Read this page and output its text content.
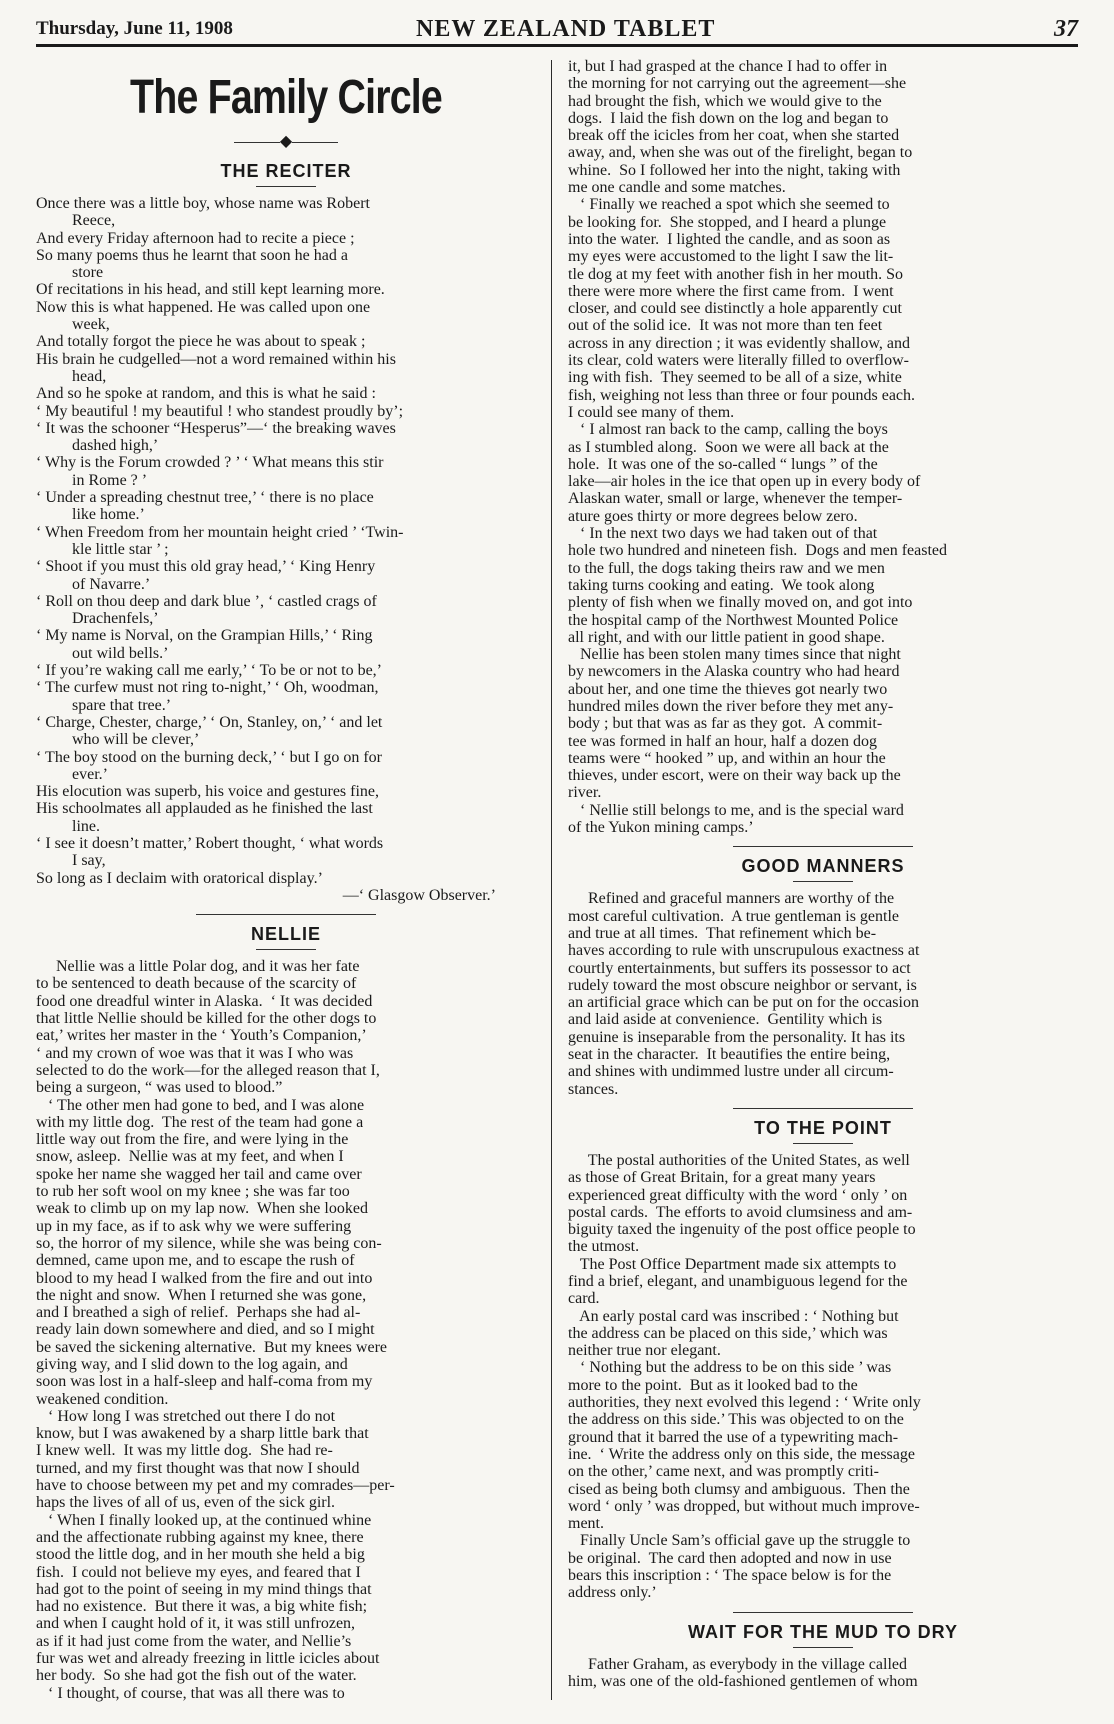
Thursday, June 11, 1908	NEW ZEALAND TABLET	37
The Family Circle
◆
THE RECITER

Once there was a little boy, whose name was Robert

Reece,

And every Friday afternoon had to recite a piece ;

So many poems thus he learnt that soon he had a

store

Of recitations in his head, and still kept learning more.

Now this is what happened. He was called upon one

week,

And totally forgot the piece he was about to speak ;

His brain he cudgelled—not a word remained within his

head,

And so he spoke at random, and this is what he said :

‘ My beautiful ! my beautiful ! who standest proudly by’;

‘ It was the schooner “Hesperus”—‘ the breaking waves

dashed high,’

‘ Why is the Forum crowded ? ’ ‘ What means this stir

in Rome ? ’

‘ Under a spreading chestnut tree,’ ‘ there is no place

like home.’

‘ When Freedom from her mountain height cried ’ ‘Twin-

kle little star ’ ;

‘ Shoot if you must this old gray head,’ ‘ King Henry

of Navarre.’

‘ Roll on thou deep and dark blue ’, ‘ castled crags of

Drachenfels,’

‘ My name is Norval, on the Grampian Hills,’ ‘ Ring

out wild bells.’

‘ If you’re waking call me early,’ ‘ To be or not to be,’

‘ The curfew must not ring to-night,’ ‘ Oh, woodman,

spare that tree.’

‘ Charge, Chester, charge,’ ‘ On, Stanley, on,’ ‘ and let

who will be clever,’

‘ The boy stood on the burning deck,’ ‘ but I go on for

ever.’

His elocution was superb, his voice and gestures fine,

His schoolmates all applauded as he finished the last

line.

‘ I see it doesn’t matter,’ Robert thought, ‘ what words

I say,

So long as I declaim with oratorical display.’

—‘ Glasgow Observer.’

NELLIE

Nellie was a little Polar dog, and it was her fate

to be sentenced to death because of the scarcity of

food one dreadful winter in Alaska.  ‘ It was decided

that little Nellie should be killed for the other dogs to

eat,’ writes her master in the ‘ Youth’s Companion,’

‘ and my crown of woe was that it was I who was

selected to do the work—for the alleged reason that I,

being a surgeon, “ was used to blood.”

‘ The other men had gone to bed, and I was alone

with my little dog.  The rest of the team had gone a

little way out from the fire, and were lying in the

snow, asleep.  Nellie was at my feet, and when I

spoke her name she wagged her tail and came over

to rub her soft wool on my knee ; she was far too

weak to climb up on my lap now.  When she looked

up in my face, as if to ask why we were suffering

so, the horror of my silence, while she was being con-

demned, came upon me, and to escape the rush of

blood to my head I walked from the fire and out into

the night and snow.  When I returned she was gone,

and I breathed a sigh of relief.  Perhaps she had al-

ready lain down somewhere and died, and so I might

be saved the sickening alternative.  But my knees were

giving way, and I slid down to the log again, and

soon was lost in a half-sleep and half-coma from my

weakened condition.

‘ How long I was stretched out there I do not

know, but I was awakened by a sharp little bark that

I knew well.  It was my little dog.  She had re-

turned, and my first thought was that now I should

have to choose between my pet and my comrades—per-

haps the lives of all of us, even of the sick girl.

‘ When I finally looked up, at the continued whine

and the affectionate rubbing against my knee, there

stood the little dog, and in her mouth she held a big

fish.  I could not believe my eyes, and feared that I

had got to the point of seeing in my mind things that

had no existence.  But there it was, a big white fish;

and when I caught hold of it, it was still unfrozen,

as if it had just come from the water, and Nellie’s

fur was wet and already freezing in little icicles about

her body.  So she had got the fish out of the water.

‘ I thought, of course, that was all there was to

it, but I had grasped at the chance I had to offer in

the morning for not carrying out the agreement—she

had brought the fish, which we would give to the

dogs.  I laid the fish down on the log and began to

break off the icicles from her coat, when she started

away, and, when she was out of the firelight, began to

whine.  So I followed her into the night, taking with

me one candle and some matches.

‘ Finally we reached a spot which she seemed to

be looking for.  She stopped, and I heard a plunge

into the water.  I lighted the candle, and as soon as

my eyes were accustomed to the light I saw the lit-

tle dog at my feet with another fish in her mouth. So

there were more where the first came from.  I went

closer, and could see distinctly a hole apparently cut

out of the solid ice.  It was not more than ten feet

across in any direction ; it was evidently shallow, and

its clear, cold waters were literally filled to overflow-

ing with fish.  They seemed to be all of a size, white

fish, weighing not less than three or four pounds each.

I could see many of them.

‘ I almost ran back to the camp, calling the boys

as I stumbled along.  Soon we were all back at the

hole.  It was one of the so-called “ lungs ” of the

lake—air holes in the ice that open up in every body of

Alaskan water, small or large, whenever the temper-

ature goes thirty or more degrees below zero.

‘ In the next two days we had taken out of that

hole two hundred and nineteen fish.  Dogs and men feasted

to the full, the dogs taking theirs raw and we men

taking turns cooking and eating.  We took along

plenty of fish when we finally moved on, and got into

the hospital camp of the Northwest Mounted Police

all right, and with our little patient in good shape.

Nellie has been stolen many times since that night

by newcomers in the Alaska country who had heard

about her, and one time the thieves got nearly two

hundred miles down the river before they met any-

body ; but that was as far as they got.  A commit-

tee was formed in half an hour, half a dozen dog

teams were “ hooked ” up, and within an hour the

thieves, under escort, were on their way back up the

river.

‘ Nellie still belongs to me, and is the special ward

of the Yukon mining camps.’

GOOD MANNERS

Refined and graceful manners are worthy of the

most careful cultivation.  A true gentleman is gentle

and true at all times.  That refinement which be-

haves according to rule with unscrupulous exactness at

courtly entertainments, but suffers its possessor to act

rudely toward the most obscure neighbor or servant, is

an artificial grace which can be put on for the occasion

and laid aside at convenience.  Gentility which is

genuine is inseparable from the personality. It has its

seat in the character.  It beautifies the entire being,

and shines with undimmed lustre under all circum-

stances.

TO THE POINT

The postal authorities of the United States, as well

as those of Great Britain, for a great many years

experienced great difficulty with the word ‘ only ’ on

postal cards.  The efforts to avoid clumsiness and am-

biguity taxed the ingenuity of the post office people to

the utmost.

The Post Office Department made six attempts to

find a brief, elegant, and unambiguous legend for the

card.

An early postal card was inscribed : ‘ Nothing but

the address can be placed on this side,’ which was

neither true nor elegant.

‘ Nothing but the address to be on this side ’ was

more to the point.  But as it looked bad to the

authorities, they next evolved this legend : ‘ Write only

the address on this side.’ This was objected to on the

ground that it barred the use of a typewriting mach-

ine.  ‘ Write the address only on this side, the message

on the other,’ came next, and was promptly criti-

cised as being both clumsy and ambiguous.  Then the

word ‘ only ’ was dropped, but without much improve-

ment.

Finally Uncle Sam’s official gave up the struggle to

be original.  The card then adopted and now in use

bears this inscription : ‘ The space below is for the

address only.’

WAIT FOR THE MUD TO DRY

Father Graham, as everybody in the village called

him, was one of the old-fashioned gentlemen of whom
